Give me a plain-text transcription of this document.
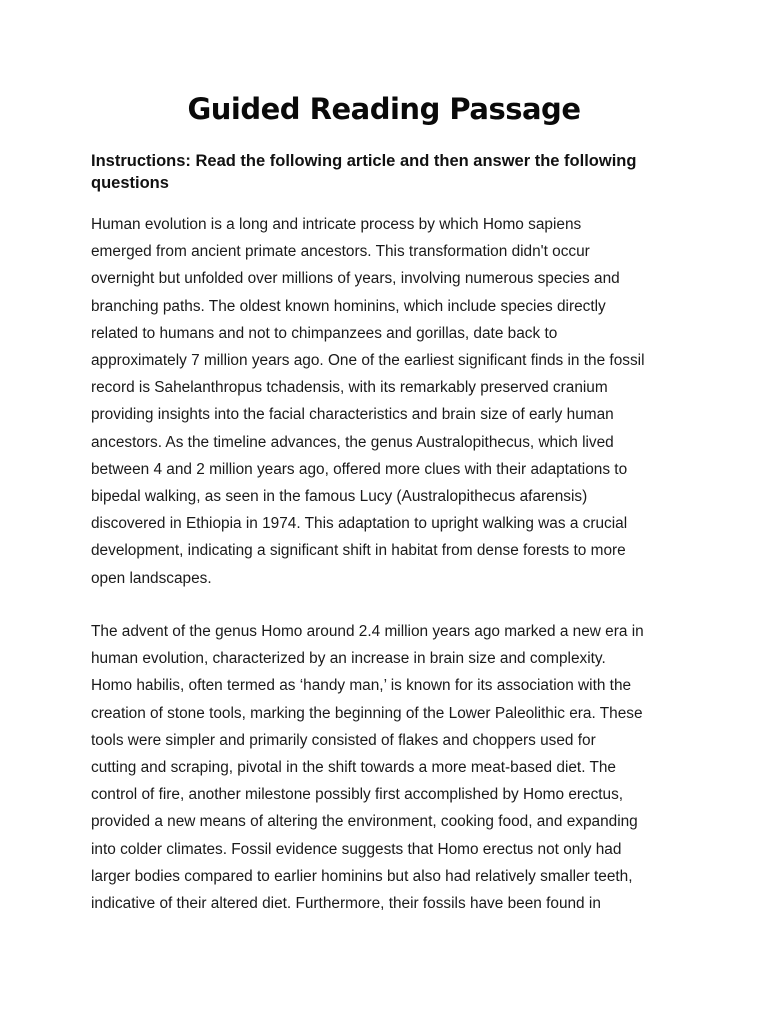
Guided Reading Passage
Instructions: Read the following article and then answer the following
questions
Human evolution is a long and intricate process by which Homo sapiens
emerged from ancient primate ancestors. This transformation didn't occur
overnight but unfolded over millions of years, involving numerous species and
branching paths. The oldest known hominins, which include species directly
related to humans and not to chimpanzees and gorillas, date back to
approximately 7 million years ago. One of the earliest significant finds in the fossil
record is Sahelanthropus tchadensis, with its remarkably preserved cranium
providing insights into the facial characteristics and brain size of early human
ancestors. As the timeline advances, the genus Australopithecus, which lived
between 4 and 2 million years ago, offered more clues with their adaptations to
bipedal walking, as seen in the famous Lucy (Australopithecus afarensis)
discovered in Ethiopia in 1974. This adaptation to upright walking was a crucial
development, indicating a significant shift in habitat from dense forests to more
open landscapes.
The advent of the genus Homo around 2.4 million years ago marked a new era in
human evolution, characterized by an increase in brain size and complexity.
Homo habilis, often termed as ‘handy man,’ is known for its association with the
creation of stone tools, marking the beginning of the Lower Paleolithic era. These
tools were simpler and primarily consisted of flakes and choppers used for
cutting and scraping, pivotal in the shift towards a more meat-based diet. The
control of fire, another milestone possibly first accomplished by Homo erectus,
provided a new means of altering the environment, cooking food, and expanding
into colder climates. Fossil evidence suggests that Homo erectus not only had
larger bodies compared to earlier hominins but also had relatively smaller teeth,
indicative of their altered diet. Furthermore, their fossils have been found in
